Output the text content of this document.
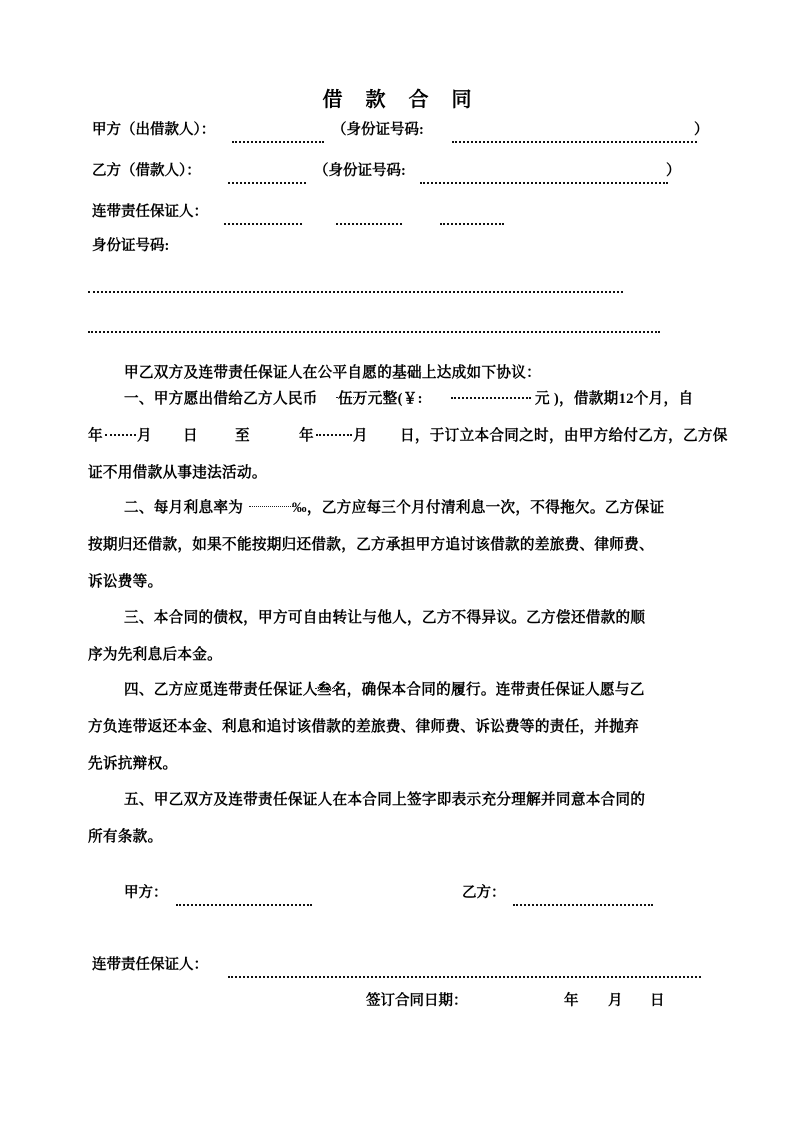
借 款 合 同
甲方（出借款人）：	（身份证号码:	）
乙方（借款人）：	（身份证号码:	）
连带责任保证人：
身份证号码:
甲乙双方及连带责任保证人在公平自愿的基础上达成如下协议：
一、甲方愿出借给乙方人民币 伍万元整(￥:	元 )，借款期12个月，自
年 月 日	至	年	月 日，于订立本合同之时，由甲方给付乙方，乙方保
证不用借款从事违法活动。
二、每月利息率为	‰，乙方应每三个月付清利息一次，不得拖欠。乙方保证
按期归还借款，如果不能按期归还借款，乙方承担甲方追讨该借款的差旅费、律师费、
诉讼费等。
三、本合同的债权，甲方可自由转让与他人，乙方不得异议。乙方偿还借款的顺
序为先利息后本金。
四、乙方应觅连带责任保证人 叁名，确保本合同的履行。连带责任保证人愿与乙
方负连带返还本金、利息和追讨该借款的差旅费、律师费、诉讼费等的责任，并抛弃
先诉抗辩权。
五、甲乙双方及连带责任保证人在本合同上签字即表示充分理解并同意本合同的
所有条款。
甲方：	乙方：
连带责任保证人：
签订合同日期：	年 月 日
